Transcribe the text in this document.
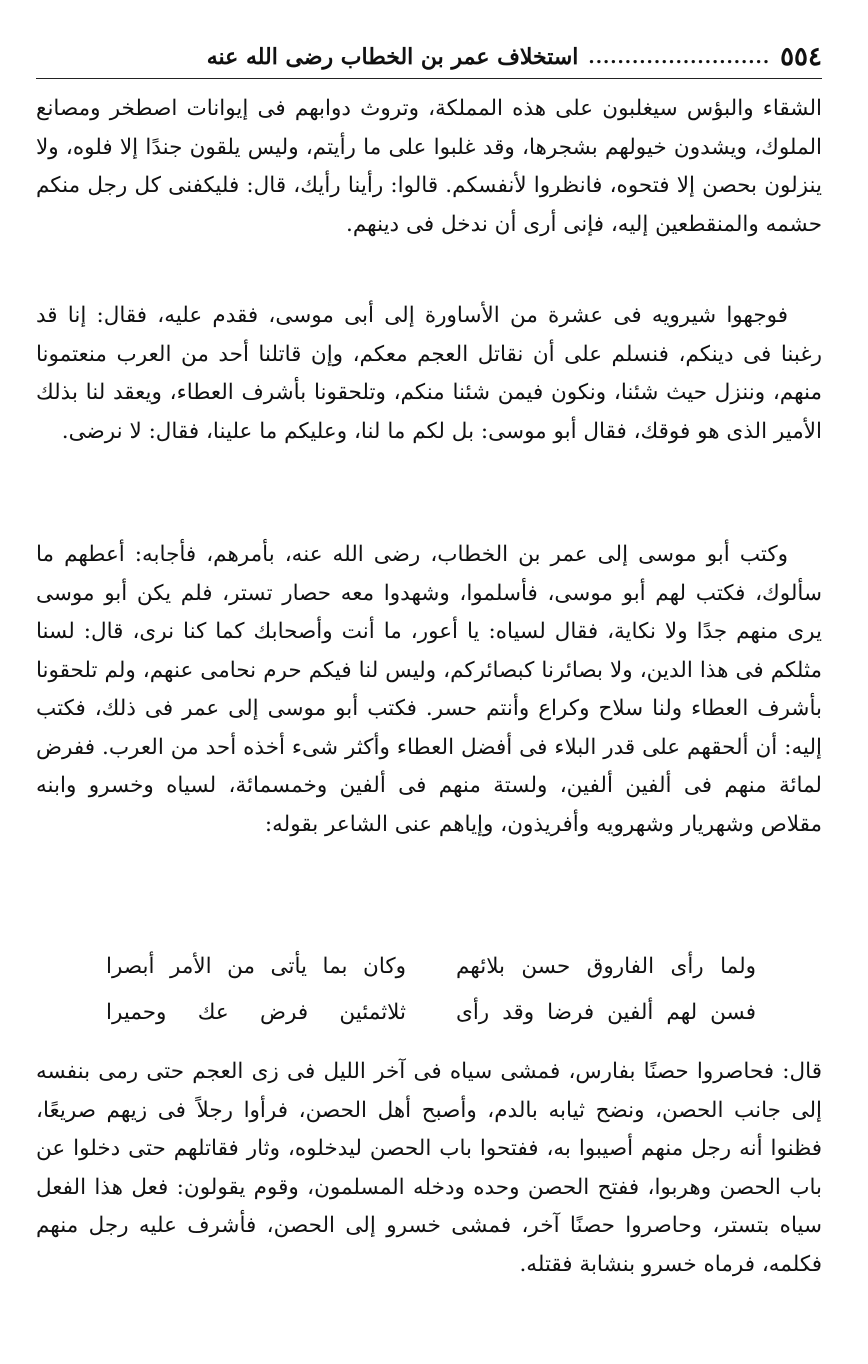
٥٥٤
.........................
استخلاف عمر بن الخطاب رضى الله عنه

الشقاء والبؤس سيغلبون على هذه المملكة، وتروث دوابهم فى إيوانات اصطخر ومصانع الملوك، ويشدون خيولهم بشجرها، وقد غلبوا على ما رأيتم، وليس يلقون جندًا إلا فلوه، ولا ينزلون بحصن إلا فتحوه، فانظروا لأنفسكم. قالوا: رأينا رأيك، قال: فليكفنى كل رجل منكم حشمه والمنقطعين إليه، فإنى أرى أن ندخل فى دينهم.

فوجهوا شيرويه فى عشرة من الأساورة إلى أبى موسى، فقدم عليه، فقال: إنا قد رغبنا فى دينكم، فنسلم على أن نقاتل العجم معكم، وإن قاتلنا أحد من العرب منعتمونا منهم، وننزل حيث شئنا، ونكون فيمن شئنا منكم، وتلحقونا بأشرف العطاء، ويعقد لنا بذلك الأمير الذى هو فوقك، فقال أبو موسى: بل لكم ما لنا، وعليكم ما علينا، فقال: لا نرضى.

وكتب أبو موسى إلى عمر بن الخطاب، رضى الله عنه، بأمرهم، فأجابه: أعطهم ما سألوك، فكتب لهم أبو موسى، فأسلموا، وشهدوا معه حصار تستر، فلم يكن أبو موسى يرى منهم جدًا ولا نكاية، فقال لسياه: يا أعور، ما أنت وأصحابك كما كنا نرى، قال: لسنا مثلكم فى هذا الدين، ولا بصائرنا كبصائركم، وليس لنا فيكم حرم نحامى عنهم، ولم تلحقونا بأشرف العطاء ولنا سلاح وكراع وأنتم حسر. فكتب أبو موسى إلى عمر فى ذلك، فكتب إليه: أن ألحقهم على قدر البلاء فى أفضل العطاء وأكثر شىء أخذه أحد من العرب. ففرض لمائة منهم فى ألفين ألفين، ولستة منهم فى ألفين وخمسمائة، لسياه وخسرو وابنه مقلاص وشهريار وشهرويه وأفريذون، وإياهم عنى الشاعر بقوله:

ولما رأى الفاروق حسن بلائهم
وكان بما يأتى من الأمر أبصرا
فسن لهم ألفين فرضا وقد رأى
ثلاثمئين فرض عك وحميرا

قال: فحاصروا حصنًا بفارس، فمشى سياه فى آخر الليل فى زى العجم حتى رمى بنفسه إلى جانب الحصن، ونضح ثيابه بالدم، وأصبح أهل الحصن، فرأوا رجلاً فى زيهم صريعًا، فظنوا أنه رجل منهم أصيبوا به، ففتحوا باب الحصن ليدخلوه، وثار فقاتلهم حتى دخلوا عن باب الحصن وهربوا، ففتح الحصن وحده ودخله المسلمون، وقوم يقولون: فعل هذا الفعل سياه بتستر، وحاصروا حصنًا آخر، فمشى خسرو إلى الحصن، فأشرف عليه رجل منهم فكلمه، فرماه خسرو بنشابة فقتله.
